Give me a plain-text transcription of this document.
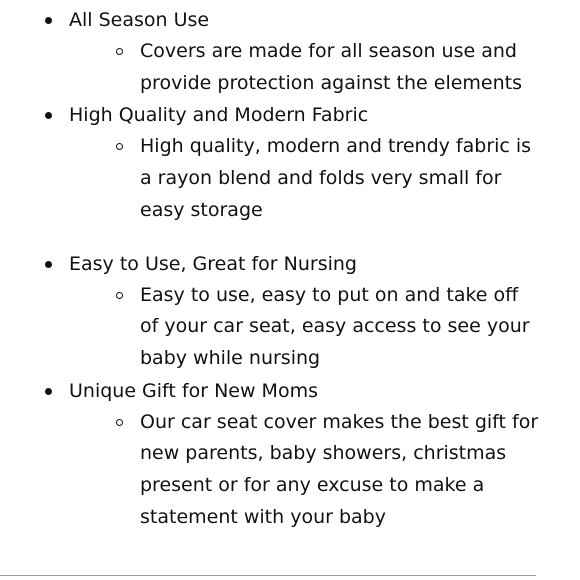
All Season Use
Covers are made for all season use and provide protection against the elements
High Quality and Modern Fabric
High quality, modern and trendy fabric is a rayon blend and folds very small for easy storage
Easy to Use, Great for Nursing
Easy to use, easy to put on and take off of your car seat, easy access to see your baby while nursing
Unique Gift for New Moms
Our car seat cover makes the best gift for new parents, baby showers, christmas present or for any excuse to make a statement with your baby
